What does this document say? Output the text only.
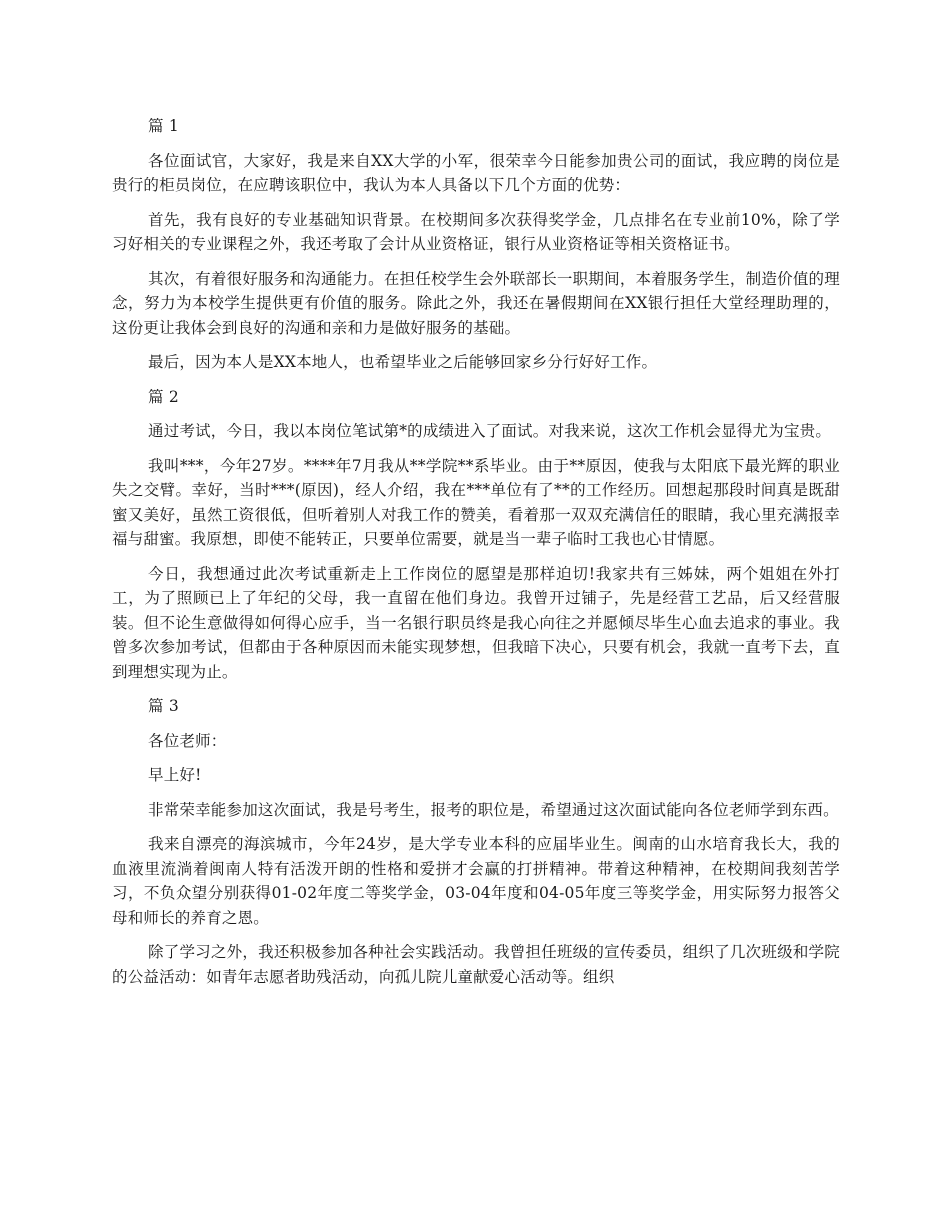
篇 1

各位面试官，大家好，我是来自XX大学的小军，很荣幸今日能参加贵公司的面试，我应聘的岗位是贵行的柜员岗位，在应聘该职位中，我认为本人具备以下几个方面的优势：

首先，我有良好的专业基础知识背景。在校期间多次获得奖学金，几点排名在专业前10%，除了学习好相关的专业课程之外，我还考取了会计从业资格证，银行从业资格证等相关资格证书。

其次，有着很好服务和沟通能力。在担任校学生会外联部长一职期间，本着服务学生，制造价值的理念，努力为本校学生提供更有价值的服务。除此之外，我还在暑假期间在XX银行担任大堂经理助理的，这份更让我体会到良好的沟通和亲和力是做好服务的基础。

最后，因为本人是XX本地人，也希望毕业之后能够回家乡分行好好工作。

篇 2

通过考试，今日，我以本岗位笔试第*的成绩进入了面试。对我来说，这次工作机会显得尤为宝贵。

我叫***，今年27岁。****年7月我从**学院**系毕业。由于**原因，使我与太阳底下最光辉的职业失之交臂。幸好，当时***(原因)，经人介绍，我在***单位有了**的工作经历。回想起那段时间真是既甜蜜又美好，虽然工资很低，但听着别人对我工作的赞美，看着那一双双充满信任的眼睛，我心里充满报幸福与甜蜜。我原想，即使不能转正，只要单位需要，就是当一辈子临时工我也心甘情愿。

今日，我想通过此次考试重新走上工作岗位的愿望是那样迫切!我家共有三姊妹，两个姐姐在外打工，为了照顾已上了年纪的父母，我一直留在他们身边。我曾开过铺子，先是经营工艺品，后又经营服装。但不论生意做得如何得心应手，当一名银行职员终是我心向往之并愿倾尽毕生心血去追求的事业。我曾多次参加考试，但都由于各种原因而未能实现梦想，但我暗下决心，只要有机会，我就一直考下去，直到理想实现为止。

篇 3

各位老师：

早上好!

非常荣幸能参加这次面试，我是号考生，报考的职位是，希望通过这次面试能向各位老师学到东西。

我来自漂亮的海滨城市，今年24岁，是大学专业本科的应届毕业生。闽南的山水培育我长大，我的血液里流淌着闽南人特有活泼开朗的性格和爱拼才会赢的打拼精神。带着这种精神，在校期间我刻苦学习，不负众望分别获得01-02年度二等奖学金，03-04年度和04-05年度三等奖学金，用实际努力报答父母和师长的养育之恩。

除了学习之外，我还积极参加各种社会实践活动。我曾担任班级的宣传委员，组织了几次班级和学院的公益活动：如青年志愿者助残活动，向孤儿院儿童献爱心活动等。组织
